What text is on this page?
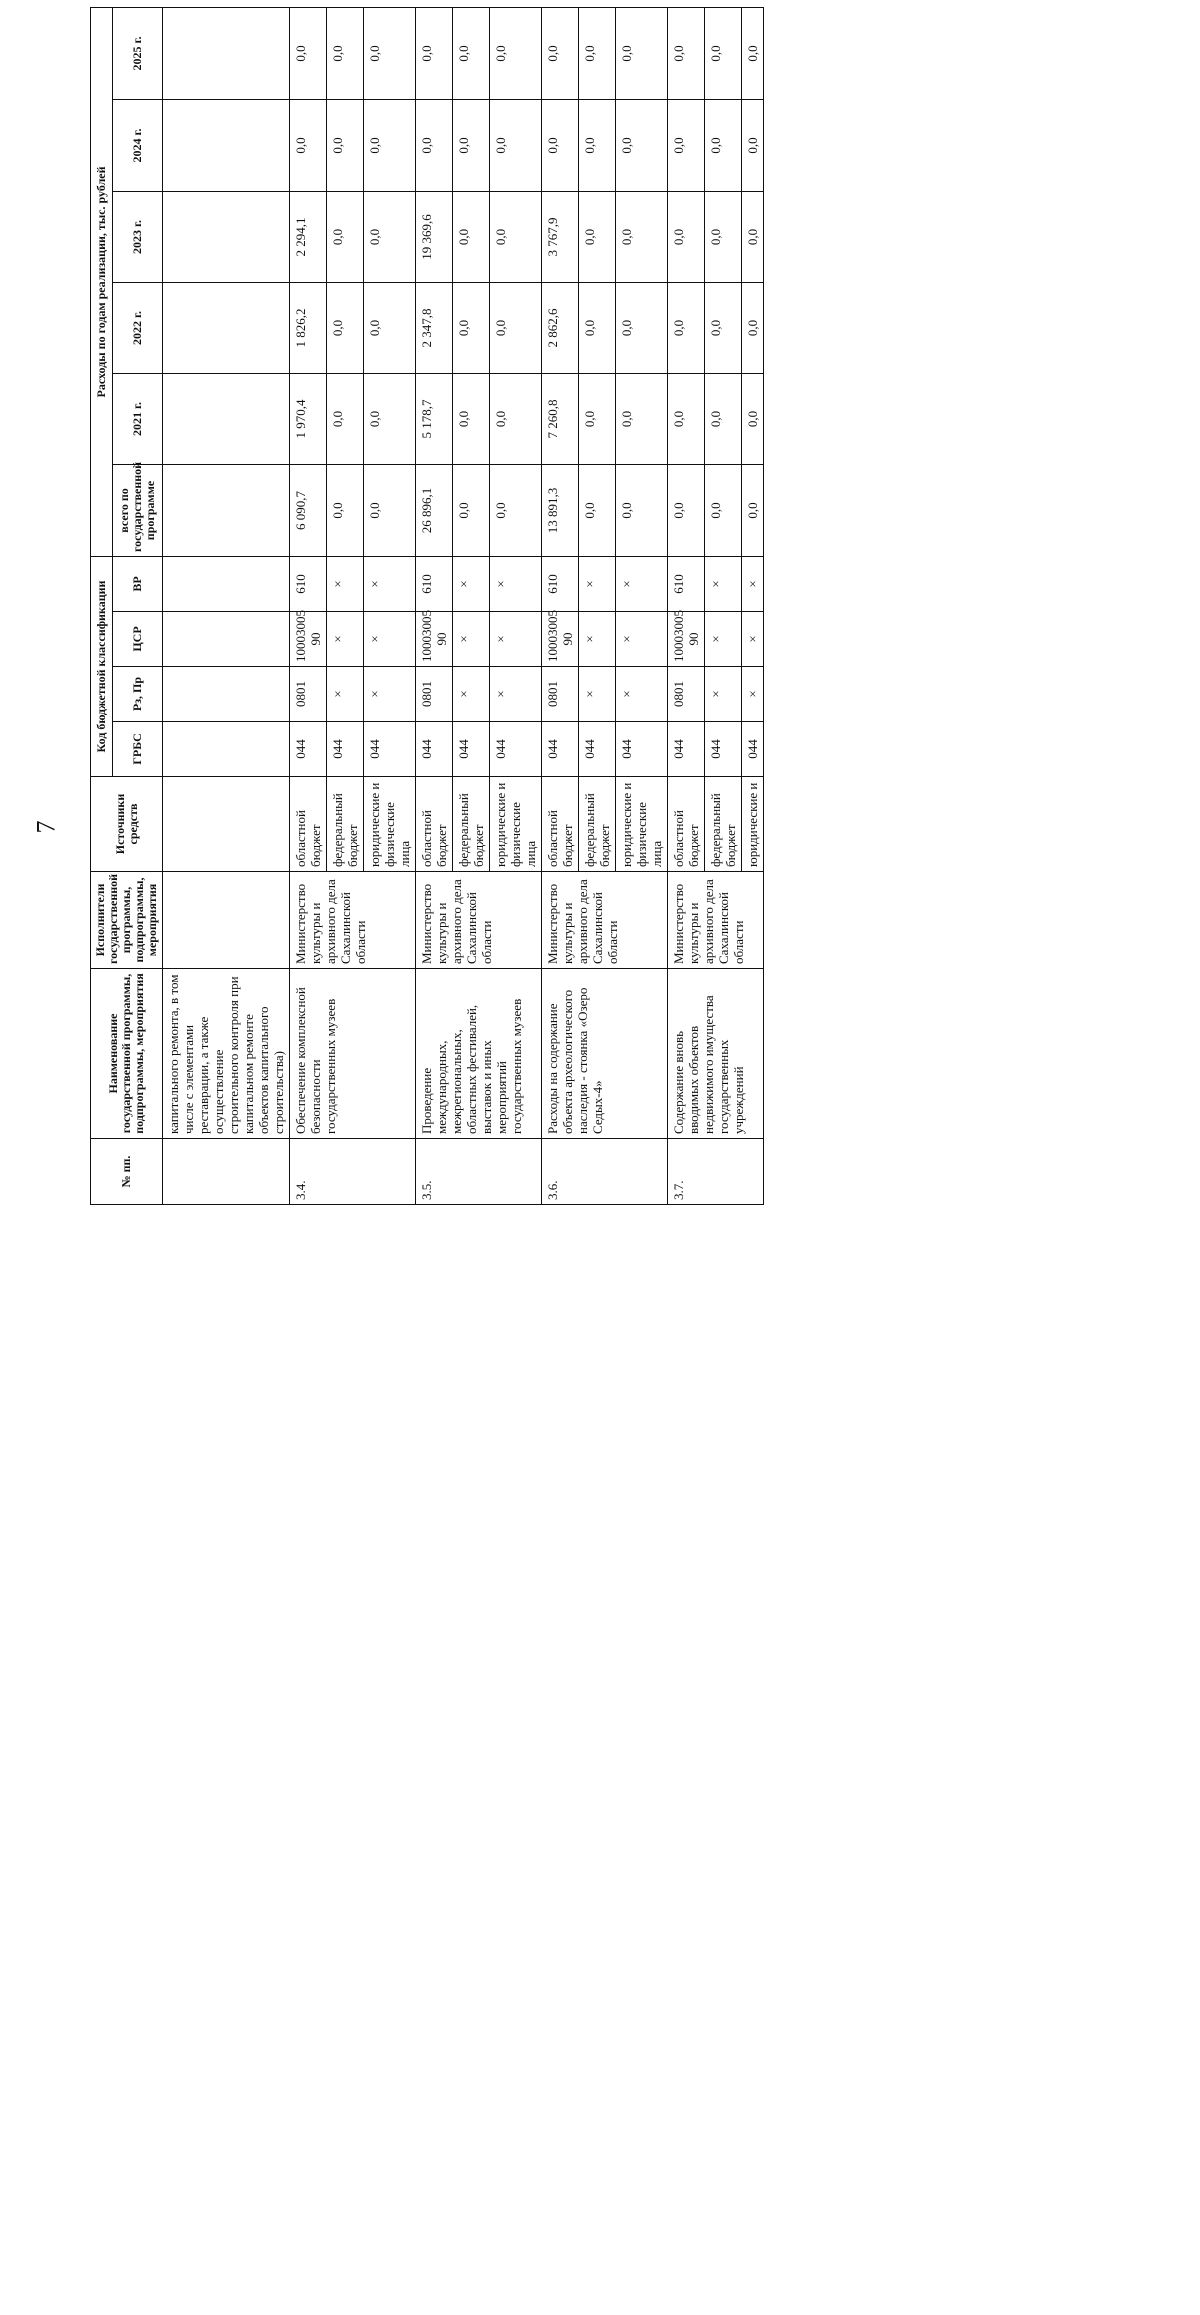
7
№ пп.	Наименование государственной программы, подпрограммы, мероприятия	Исполнители государственной программы, подпрограммы, мероприятия	Источники средств	Код бюджетной классификации				Расходы по годам реализации, тыс. рублей					
				ГРБС	Рз, Пр	ЦСР	ВР	всего по государственной программе	2021 г.	2022 г.	2023 г.	2024 г.	2025 г.
	капитального ремонта, в том числе с элементами реставрации, а также осуществление строительного контроля при капитальном ремонте объектов капитального строительства)												
3.4.	Обеспечение комплексной безопасности государственных музеев	Министерство культуры и архивного дела Сахалинской области	областной бюджет	044	0801	10003005 90	610	6 090,7	1 970,4	1 826,2	2 294,1	0,0	0,0
			федеральный бюджет	044	×	×	×	0,0	0,0	0,0	0,0	0,0	0,0
			юридические и физические лица	044	×	×	×	0,0	0,0	0,0	0,0	0,0	0,0
3.5.	Проведение международных, межрегиональных, областных фестивалей, выставок и иных мероприятий государственных музеев	Министерство культуры и архивного дела Сахалинской области	областной бюджет	044	0801	10003005 90	610	26 896,1	5 178,7	2 347,8	19 369,6	0,0	0,0
			федеральный бюджет	044	×	×	×	0,0	0,0	0,0	0,0	0,0	0,0
			юридические и физические лица	044	×	×	×	0,0	0,0	0,0	0,0	0,0	0,0
3.6.	Расходы на содержание объекта археологического наследия - стоянка «Озеро Седых-4»	Министерство культуры и архивного дела Сахалинской области	областной бюджет	044	0801	10003005 90	610	13 891,3	7 260,8	2 862,6	3 767,9	0,0	0,0
			федеральный бюджет	044	×	×	×	0,0	0,0	0,0	0,0	0,0	0,0
			юридические и физические лица	044	×	×	×	0,0	0,0	0,0	0,0	0,0	0,0
3.7.	Содержание вновь вводимых объектов недвижимого имущества государственных учреждений	Министерство культуры и архивного дела Сахалинской области	областной бюджет	044	0801	10003005 90	610	0,0	0,0	0,0	0,0	0,0	0,0
			федеральный бюджет	044	×	×	×	0,0	0,0	0,0	0,0	0,0	0,0
			юридические и	044	×	×	×	0,0	0,0	0,0	0,0	0,0	0,0
